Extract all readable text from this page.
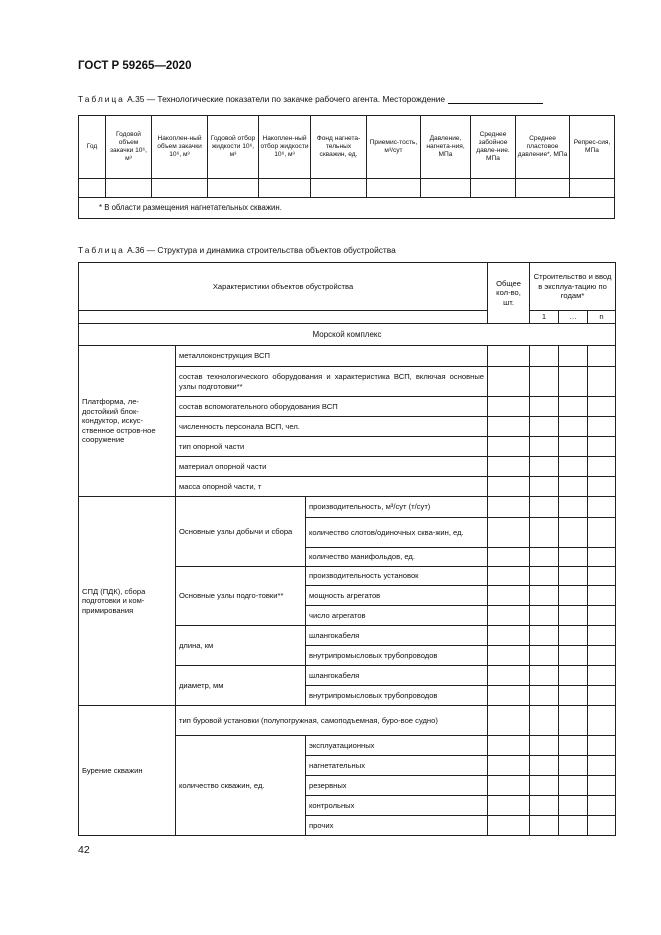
ГОСТ Р 59265—2020
Таблица А.35 — Технологические показатели по закачке рабочего агента. Месторождение
Год	Годовой объем закачки 10⁶, м³	Накоплен-ный объем закачки 10⁶, м³	Годовой отбор жидкости 10⁶, м³	Накоплен-ный отбор жидкости 10⁶, м³	Фонд нагнета-тельных скважин, ед.	Приемис-тость, м³/сут	Давление, нагнета-ния, МПа	Среднее забойное давле-ние. МПа	Среднее пластовое давление*, МПа	Репрес-сия, МПа

* В области размещения нагнетательных скважин.										
Таблица А.36 — Структура и динамика строительства объектов обустройства
Характеристики объектов обустройства			Общее кол-во, шт.	Строительство и ввод в эксплуа-тацию по годам*		
				1	…	n
Морской комплекс						
Платформа, ле-достойкий блок-кондуктор, искус-ственное остров-ное сооружение	металлоконструкция ВСП					
	состав технологического оборудования и характеристика ВСП, включая основные узлы подготовки**					
	состав вспомогательного оборудования ВСП					
	численность персонала ВСП, чел.					
	тип опорной части					
	материал опорной части					
	масса опорной части, т					
СПД (ПДК), сбора подготовки и ком-примирования	Основные узлы добычи и сбора	производительность, м³/сут (т/сут)				
		количество слотов/одиночных сква-жин, ед.				
		количество манифольдов, ед.				
	Основные узлы подго-товки**	производительность установок				
		мощность агрегатов				
		число агрегатов				
	длина, км	шлангокабеля				
		внутрипромысловых трубопроводов				
	диаметр, мм	шлангокабеля				
		внутрипромысловых трубопроводов				
Бурение скважин	тип буровой установки (полупогружная, самоподъемная, буро-вое судно)					
	количество скважин, ед.	эксплуатационных				
		нагнетательных				
		резервных				
		контрольных				
		прочих				
42
